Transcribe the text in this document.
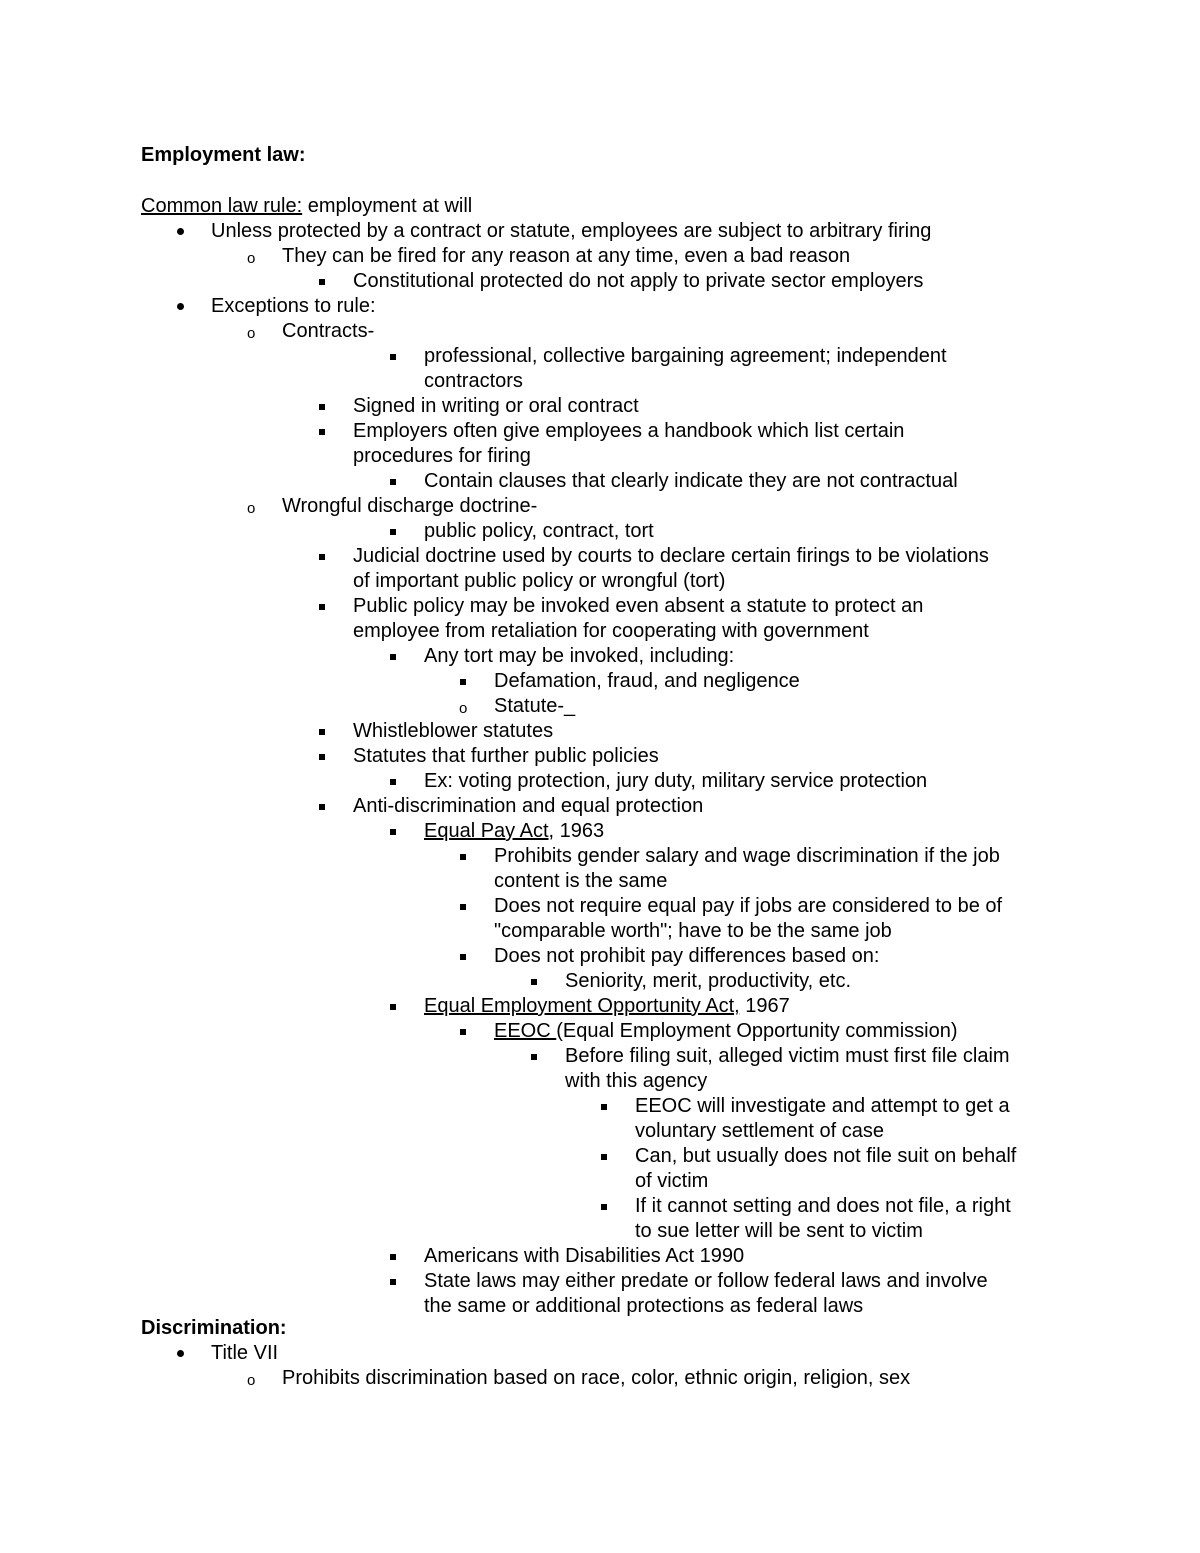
Employment law:
Common law rule: employment at will
Unless protected by a contract or statute, employees are subject to arbitrary firing
o They can be fired for any reason at any time, even a bad reason
Constitutional protected do not apply to private sector employers
Exceptions to rule:
o Contracts-
professional, collective bargaining agreement; independent
contractors
Signed in writing or oral contract
Employers often give employees a handbook which list certain
procedures for firing
Contain clauses that clearly indicate they are not contractual
o Wrongful discharge doctrine-
public policy, contract, tort
Judicial doctrine used by courts to declare certain firings to be violations
of important public policy or wrongful (tort)
Public policy may be invoked even absent a statute to protect an
employee from retaliation for cooperating with government
Any tort may be invoked, including:
Defamation, fraud, and negligence
o Statute-_
Whistleblower statutes
Statutes that further public policies
Ex: voting protection, jury duty, military service protection
Anti-discrimination and equal protection
Equal Pay Act, 1963
Prohibits gender salary and wage discrimination if the job
content is the same
Does not require equal pay if jobs are considered to be of
"comparable worth"; have to be the same job
Does not prohibit pay differences based on:
Seniority, merit, productivity, etc.
Equal Employment Opportunity Act, 1967
EEOC (Equal Employment Opportunity commission)
Before filing suit, alleged victim must first file claim
with this agency
EEOC will investigate and attempt to get a
voluntary settlement of case
Can, but usually does not file suit on behalf
of victim
If it cannot setting and does not file, a right
to sue letter will be sent to victim
Americans with Disabilities Act 1990
State laws may either predate or follow federal laws and involve
the same or additional protections as federal laws
Discrimination:
Title VII
o Prohibits discrimination based on race, color, ethnic origin, religion, sex
